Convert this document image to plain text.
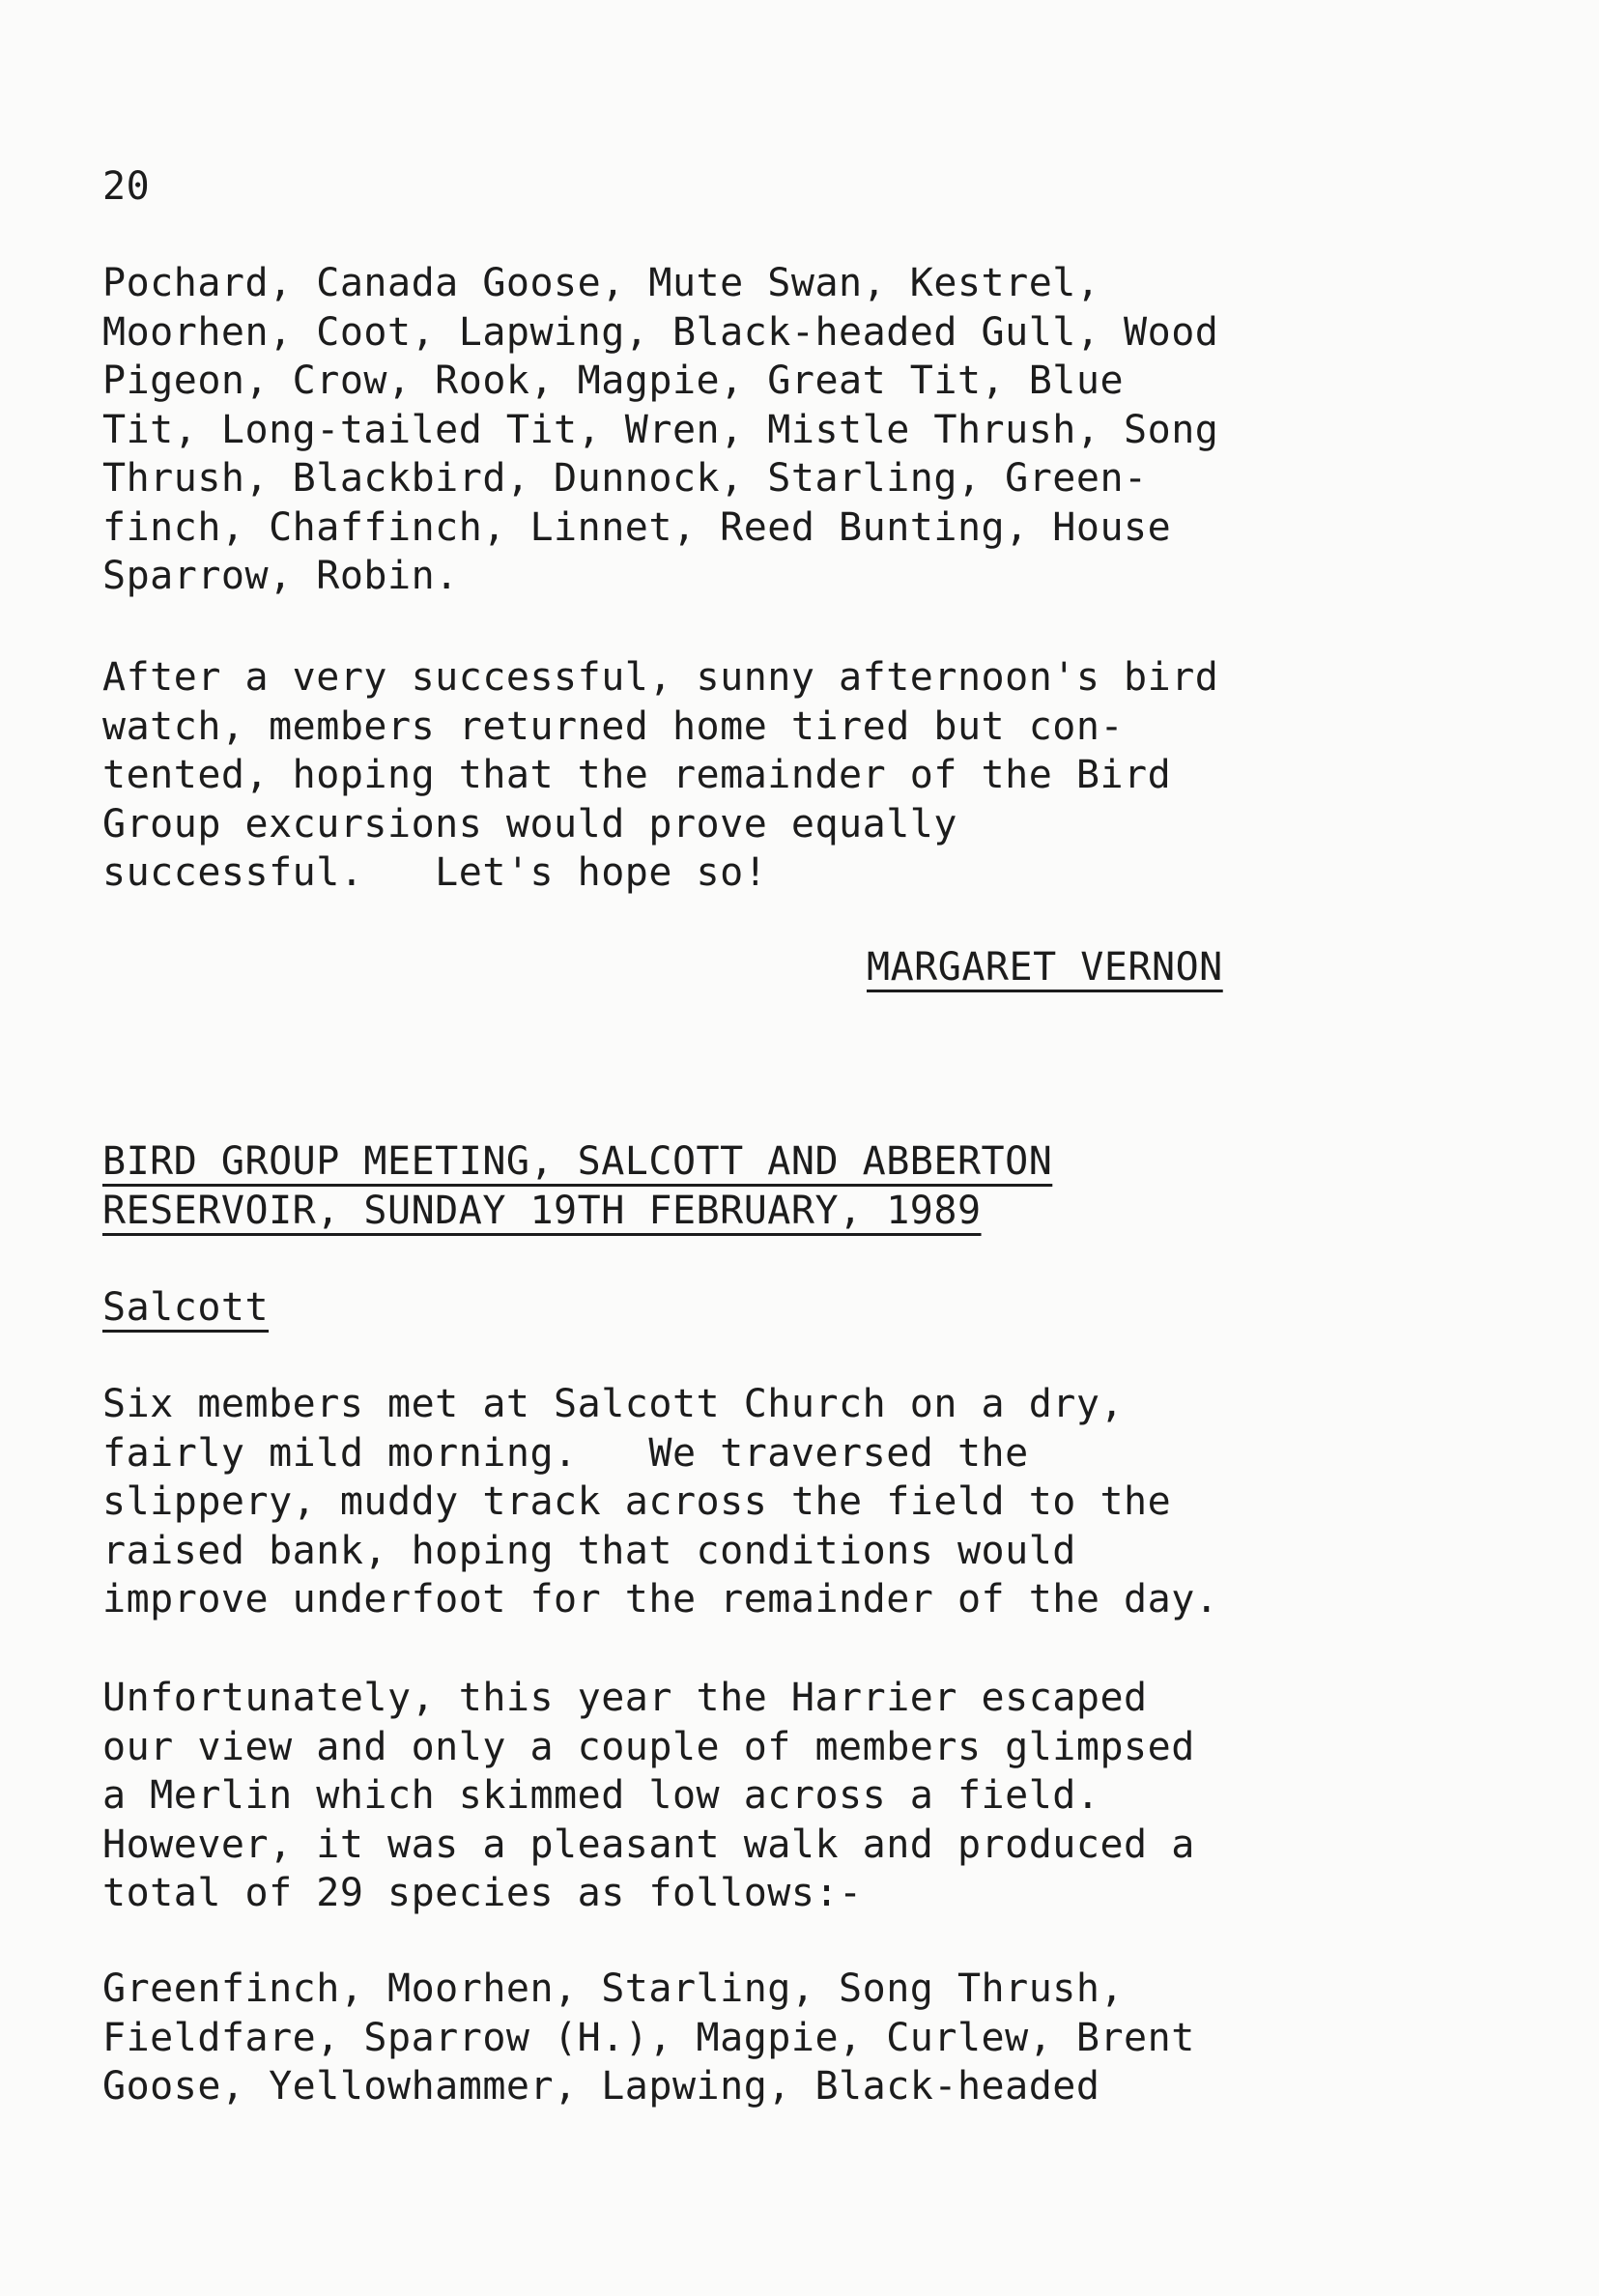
20

Pochard, Canada Goose, Mute Swan, Kestrel,
Moorhen, Coot, Lapwing, Black-headed Gull, Wood
Pigeon, Crow, Rook, Magpie, Great Tit, Blue
Tit, Long-tailed Tit, Wren, Mistle Thrush, Song
Thrush, Blackbird, Dunnock, Starling, Green-
finch, Chaffinch, Linnet, Reed Bunting, House
Sparrow, Robin.

After a very successful, sunny afternoon's bird
watch, members returned home tired but con-
tented, hoping that the remainder of the Bird
Group excursions would prove equally
successful.   Let's hope so!

MARGARET VERNON

BIRD GROUP MEETING, SALCOTT AND ABBERTON
RESERVOIR, SUNDAY 19TH FEBRUARY, 1989

Salcott

Six members met at Salcott Church on a dry,
fairly mild morning.   We traversed the
slippery, muddy track across the field to the
raised bank, hoping that conditions would
improve underfoot for the remainder of the day.

Unfortunately, this year the Harrier escaped
our view and only a couple of members glimpsed
a Merlin which skimmed low across a field.
However, it was a pleasant walk and produced a
total of 29 species as follows:-

Greenfinch, Moorhen, Starling, Song Thrush,
Fieldfare, Sparrow (H.), Magpie, Curlew, Brent
Goose, Yellowhammer, Lapwing, Black-headed
